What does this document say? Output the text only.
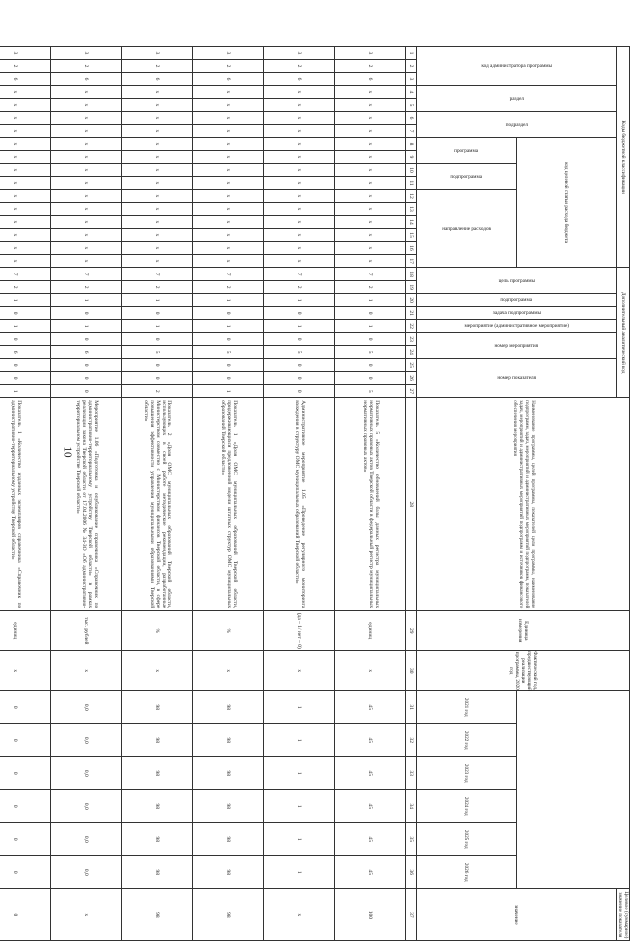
10
Коды бюджетной классификации																	Дополнительный аналитический код										Наименование программы, целей программы, показателей цели программы, наименование подпрограмм, задач, мероприятий и административных мероприятий подпрограмм, показателей задач, мероприятий и административных мероприятий подпрограмм и источников финансового обеспечения мероприятия	Единица измерения	Фактический год, предшествующий реализации программы, 2020 год							Целевое (суммарное) значение показателя

код администратора программы			раздел		подраздел		код целевой статьи расхода бюджета										цель программы		подпрограмма	задача подпрограммы	мероприятие (административное мероприятие)	номер мероприятия		номер показателя												значение

							программа		подпрограмма		направление расходов																			2021 год	2022 год	2023 год	2024 год	2025 год	2026 год	
1	2	3	4	5	6	7	8	9	10	11	12	13	14	15	16	17	18	19	20	21	22	23	24	25	26	27	28	29	30	31	32	33	34	35	36	37
3	2	6	x	x	x	x	x	x	x	x	x	x	x	x	x	x	7	2	1	0	1	0	5	0	0	5	Показатель 5 «Количество обновлений базы данных регистра муниципальных нормативных правовых актов Тверской области в федеральный регистр муниципальных нормативных правовых актов»	единиц	x	45	45	45	45	45	45	100
3	2	6	x	x	x	x	x	x	x	x	x	x	x	x	x	x	7	2	1	0	1	0	5	0	0	0	Административное мероприятие 1.05 «Проведение регулярного мониторинга вхождения в структуру ОМС муниципальных образований Тверской области»	(да – 1/ нет – 0)	x	1	1	1	1	1	1	x
3	2	6	x	x	x	x	x	x	x	x	x	x	x	x	x	x	7	2	1	0	1	0	5	0	0	1	Показатель 1 «Доля ОМС муниципальных образований Тверской области, придерживающихся предложенной модели штатных структур ОМС муниципальных образований Тверской области»	%	x	98	98	98	98	98	98	98
3	2	6	x	x	x	x	x	x	x	x	x	x	x	x	x	x	7	2	1	0	1	0	5	0	0	2	Показатель 2 «Доля ОМС муниципальных образований Тверской области, использующих в своей работе методические рекомендации, разработанные Министерством совместно с Министерством финансов Тверской области, в сфере повышения эффективности управления муниципальными образованиями Тверской области»	%	x	98	98	98	98	98	98	98
3	2	6	x	x	x	x	x	x	x	x	x	x	x	x	x	x	7	2	1	0	1	0	6	0	0	0	Мероприятие 1.06 «Подготовка и опубликование справочника «Справочник по административно-территориальному устройству Тверской области» в рамках реализации закона Тверской области от 17.04.2006 № 34-ЗО «Об административно-территориальном устройстве Тверской области»	тыс. рублей	x	0,0	0,0	0,0	0,0	0,0	0,0	x
3	2	6	x	x	x	x	x	x	x	x	x	x	x	x	x	x	7	2	1	0	1	0	6	0	0	1	Показатель 1 «Количество изданных экземпляров справочника «Справочник по административно-территориальному устройству Тверской области»	единиц	x	0	0	0	0	0	0	0
